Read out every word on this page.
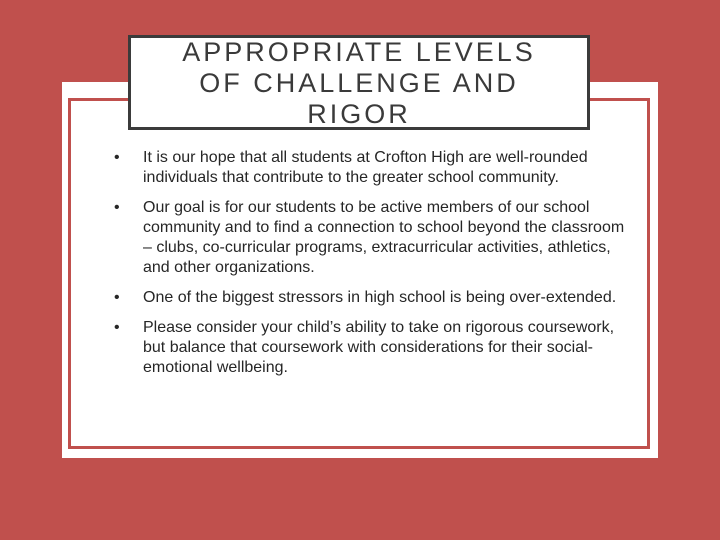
APPROPRIATE LEVELS OF CHALLENGE AND RIGOR
• It is our hope that all students at Crofton High are well-rounded individuals that contribute to the greater school community.
• Our goal is for our students to be active members of our school community and to find a connection to school beyond the classroom – clubs, co-curricular programs, extracurricular activities, athletics, and other organizations.
• One of the biggest stressors in high school is being over-extended.
• Please consider your child’s ability to take on rigorous coursework, but balance that coursework with considerations for their social-emotional wellbeing.
